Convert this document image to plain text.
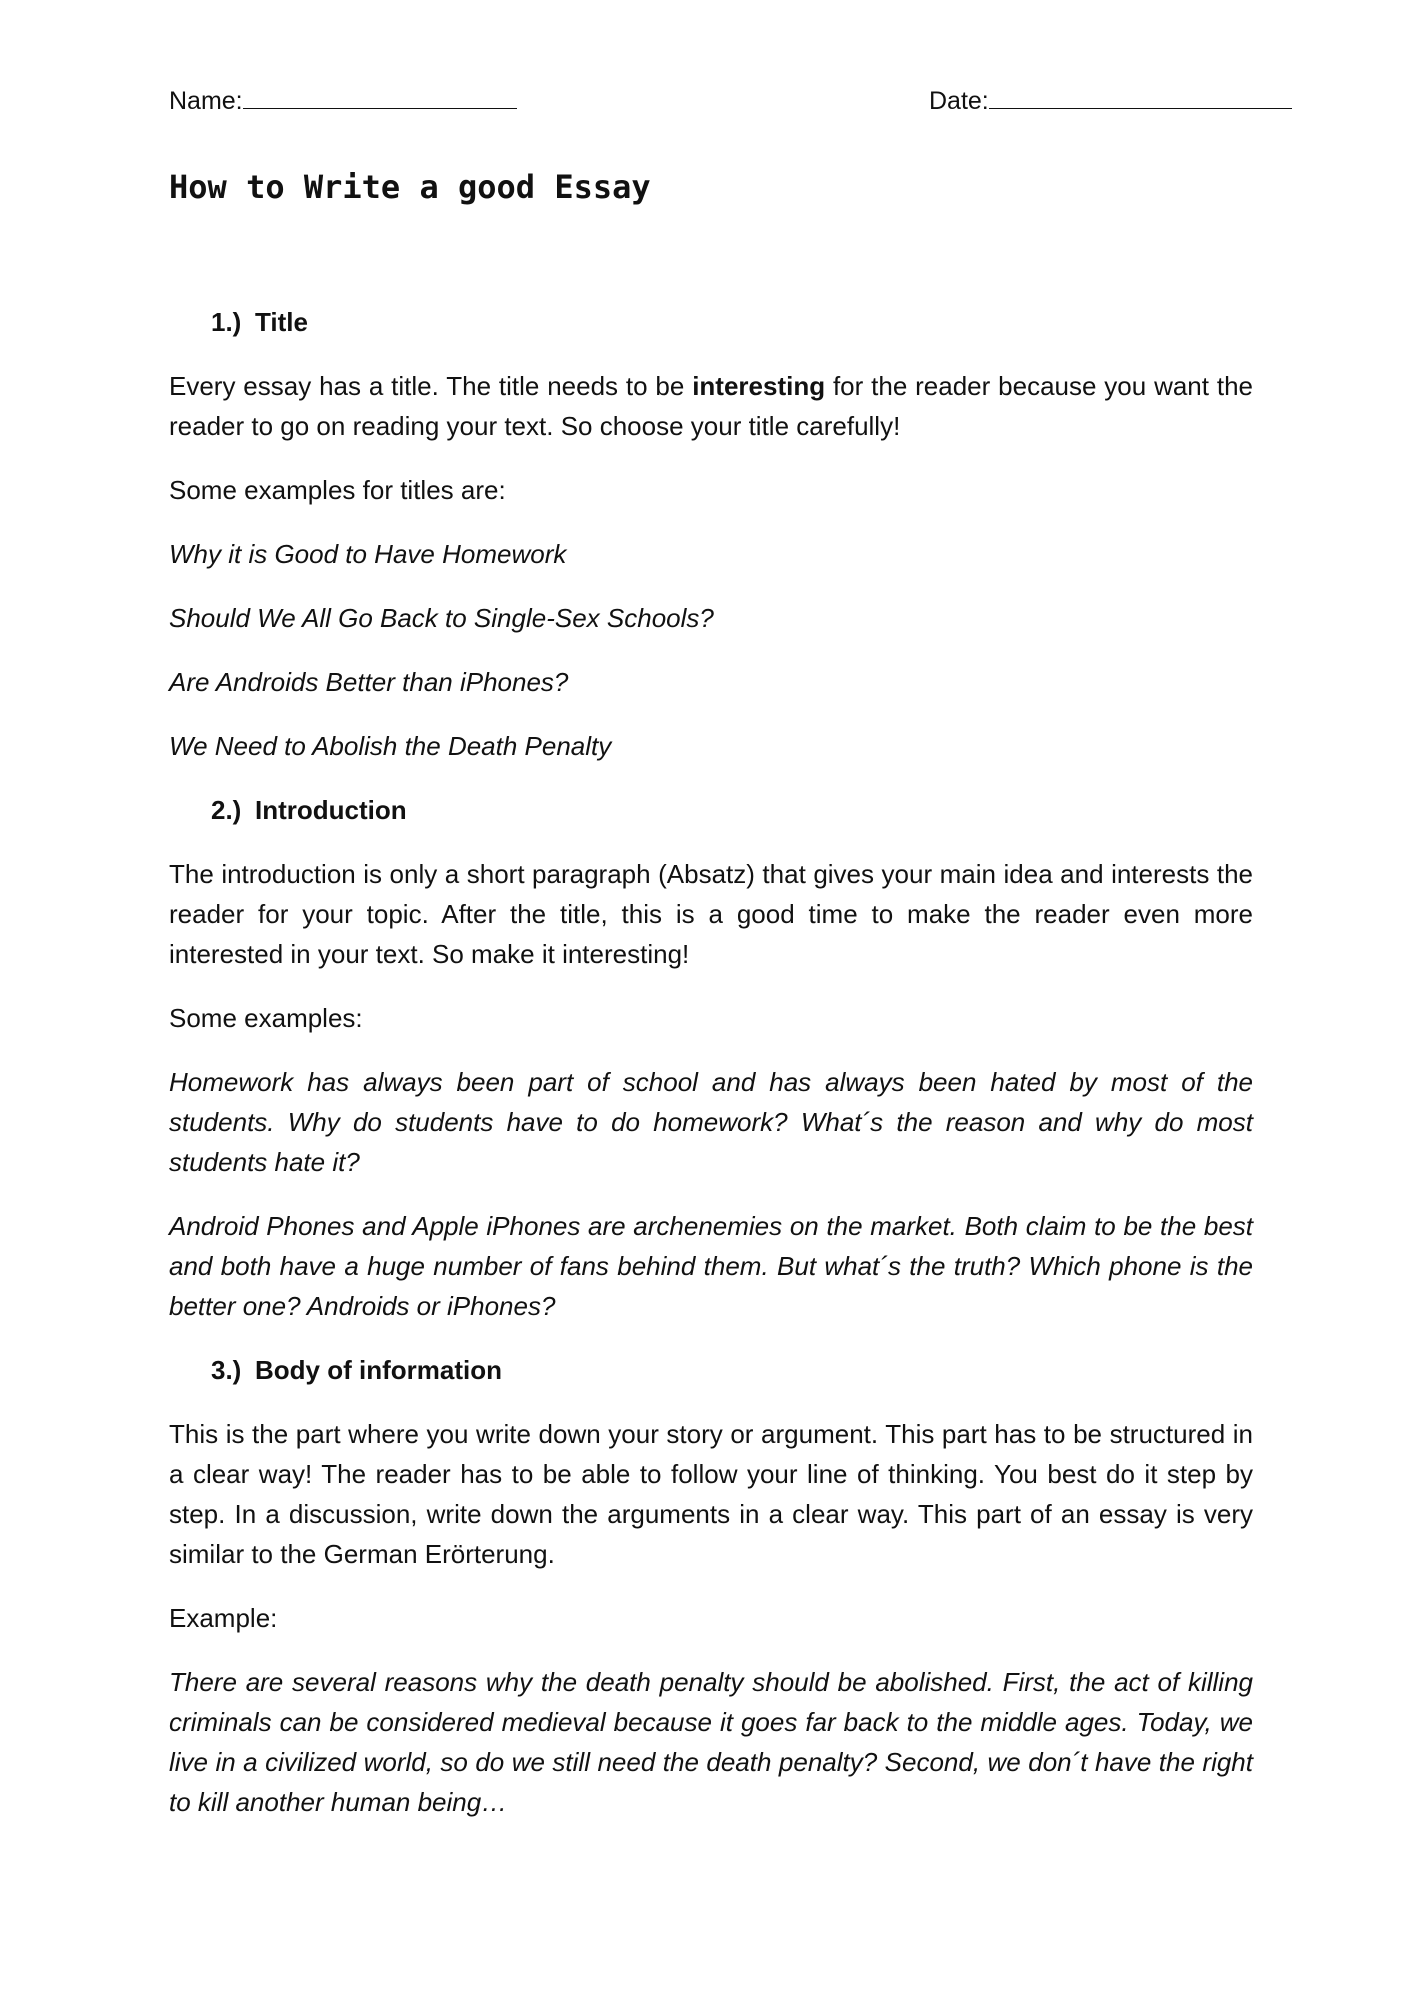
Name:	Date:
How to Write a good Essay
1.) Title

Every essay has a title. The title needs to be interesting for the reader because you want the reader to go on reading your text. So choose your title carefully!

Some examples for titles are:

Why it is Good to Have Homework

Should We All Go Back to Single-Sex Schools?

Are Androids Better than iPhones?

We Need to Abolish the Death Penalty

2.) Introduction

The introduction is only a short paragraph (Absatz) that gives your main idea and interests the reader for your topic. After the title, this is a good time to make the reader even more interested in your text. So make it interesting!

Some examples:

Homework has always been part of school and has always been hated by most of the students. Why do students have to do homework? What´s the reason and why do most students hate it?

Android Phones and Apple iPhones are archenemies on the market. Both claim to be the best and both have a huge number of fans behind them. But what´s the truth? Which phone is the better one? Androids or iPhones?

3.) Body of information

This is the part where you write down your story or argument. This part has to be structured in a clear way! The reader has to be able to follow your line of thinking. You best do it step by step. In a discussion, write down the arguments in a clear way. This part of an essay is very similar to the German Erörterung.

Example:

There are several reasons why the death penalty should be abolished. First, the act of killing criminals can be considered medieval because it goes far back to the middle ages. Today, we live in a civilized world, so do we still need the death penalty? Second, we don´t have the right to kill another human being…
